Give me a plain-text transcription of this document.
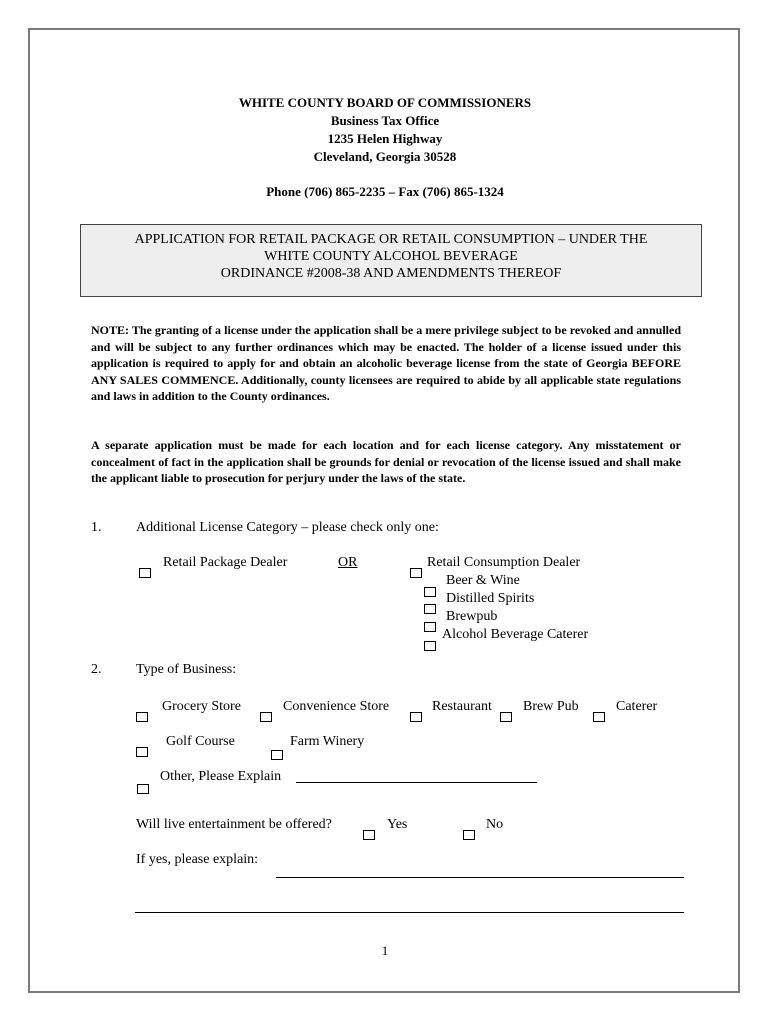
WHITE COUNTY BOARD OF COMMISSIONERS
Business Tax Office
1235 Helen Highway
Cleveland, Georgia 30528
Phone (706) 865-2235 – Fax (706) 865-1324
APPLICATION FOR RETAIL PACKAGE OR RETAIL CONSUMPTION – UNDER THE
WHITE COUNTY ALCOHOL BEVERAGE
ORDINANCE #2008-38 AND AMENDMENTS THEREOF
NOTE: The granting of a license under the application shall be a mere privilege subject to be revoked and annulled and will be subject to any further ordinances which may be enacted. The holder of a license issued under this application is required to apply for and obtain an alcoholic beverage license from the state of Georgia BEFORE ANY SALES COMMENCE. Additionally, county licensees are required to abide by all applicable state regulations and laws in addition to the County ordinances.
A separate application must be made for each location and for each license category. Any misstatement or concealment of fact in the application shall be grounds for denial or revocation of the license issued and shall make the applicant liable to prosecution for perjury under the laws of the state.
1. Additional License Category – please check only one:
Retail Package Dealer	OR	Retail Consumption Dealer
Beer & Wine
Distilled Spirits
Brewpub
Alcohol Beverage Caterer
2. Type of Business:
Grocery Store	Convenience Store	Restaurant Brew Pub	Caterer
Golf Course	Farm Winery
Other, Please Explain
Will live entertainment be offered?	Yes	No
If yes, please explain:
1
